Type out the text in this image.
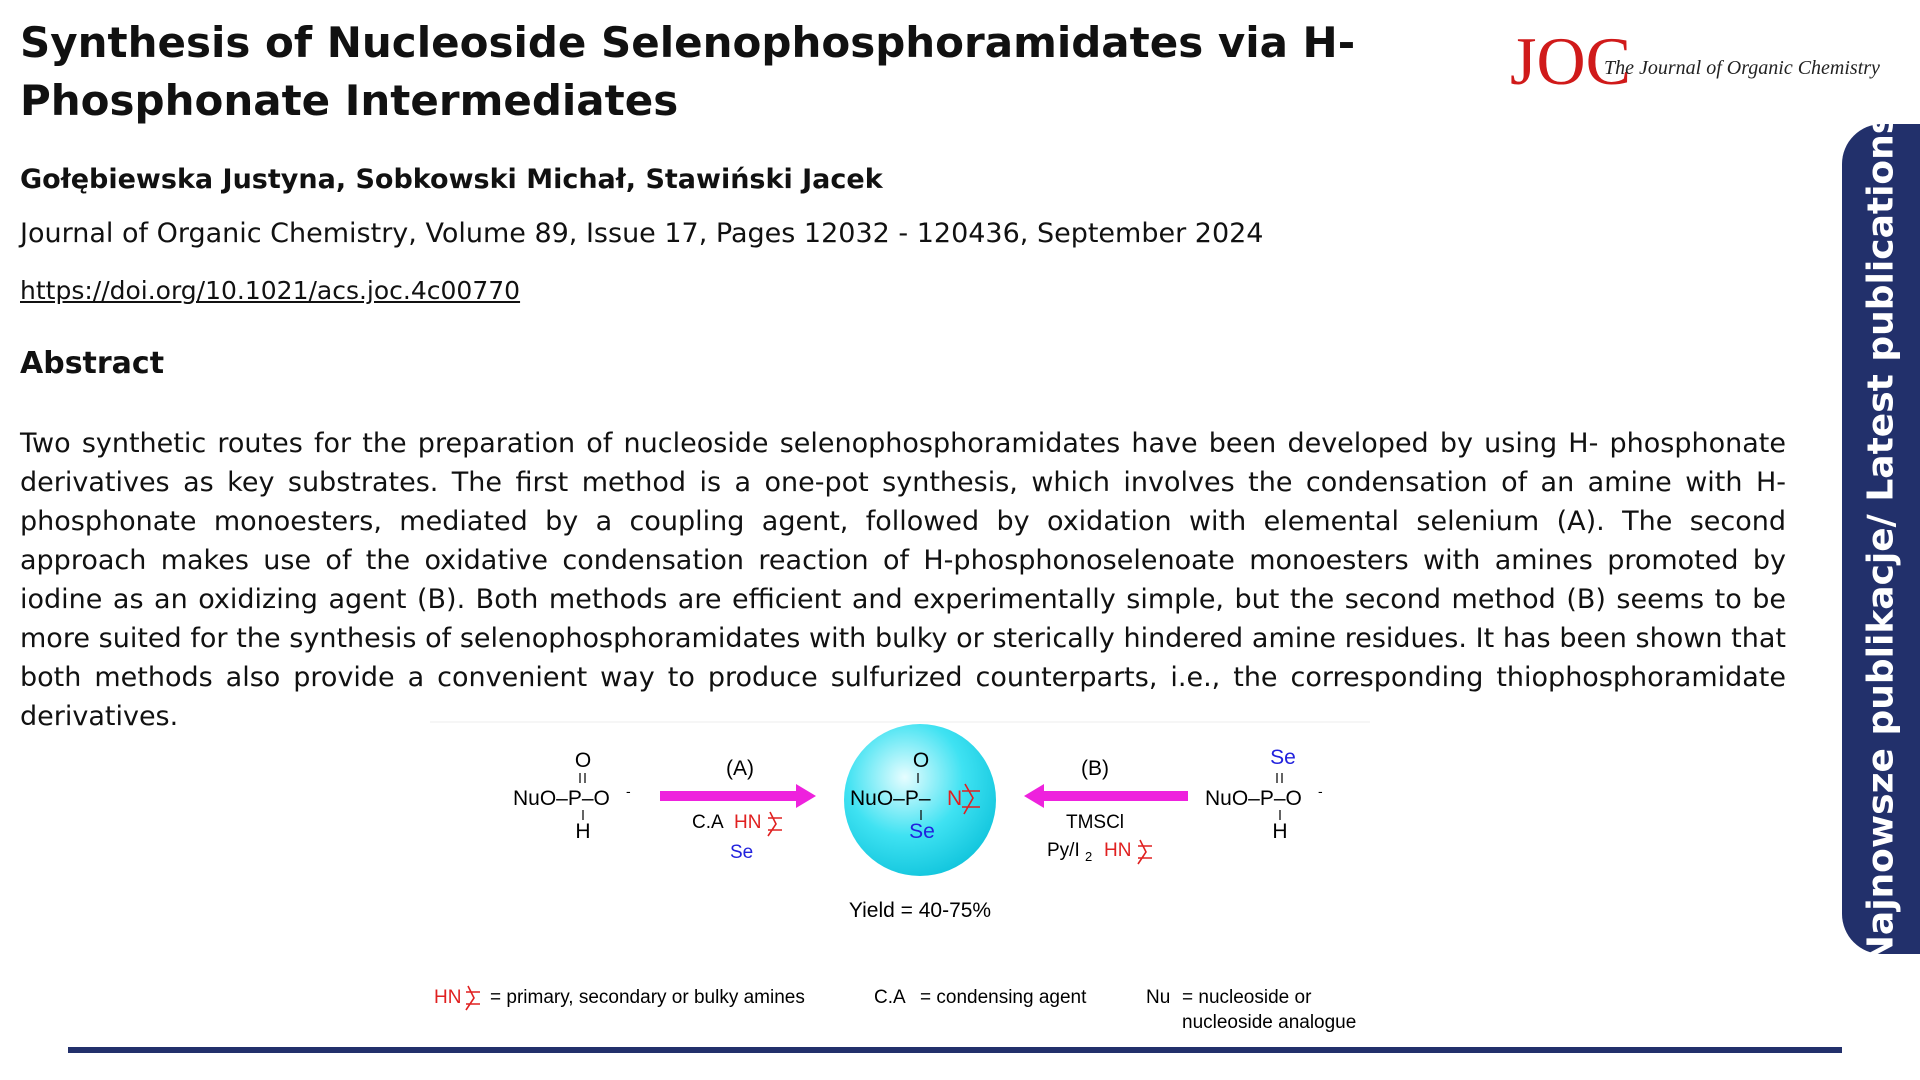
Synthesis of Nucleoside Selenophosphoramidates via H-Phosphonate Intermediates
JOC
The Journal of Organic Chemistry

Gołębiewska Justyna, Sobkowski Michał, Stawiński Jacek

Journal of Organic Chemistry, Volume 89, Issue 17, Pages 12032 - 120436, September 2024

https://doi.org/10.1021/acs.joc.4c00770
Abstract

Two synthetic routes for the preparation of nucleoside selenophosphoramidates have been developed by using H- phosphonate derivatives as key substrates. The first method is a one-pot synthesis, which involves the condensation of an amine with H-phosphonate monoesters, mediated by a coupling agent, followed by oxidation with elemental selenium (A). The second approach makes use of the oxidative condensation reaction of H-phosphonoselenoate monoesters with amines promoted by iodine as an oxidizing agent (B). Both methods are efficient and experimentally simple, but the second method (B) seems to be more suited for the synthesis of selenophosphoramidates with bulky or sterically hindered amine residues. It has been shown that both methods also provide a convenient way to produce sulfurized counterparts, i.e., the corresponding thiophosphoramidate derivatives.

O
NuO–P–O -
H
(A)
C.A HN
Se
O
NuO–P– N
Se
(B)
TMSCl
Py/I 2 HN
Se
NuO–P–O -
H
Yield = 40-75%
HN = primary, secondary or bulky amines	C.A = condensing agent	Nu = nucleoside or
nucleoside analogue
Najnowsze publikacje/ Latest publications
